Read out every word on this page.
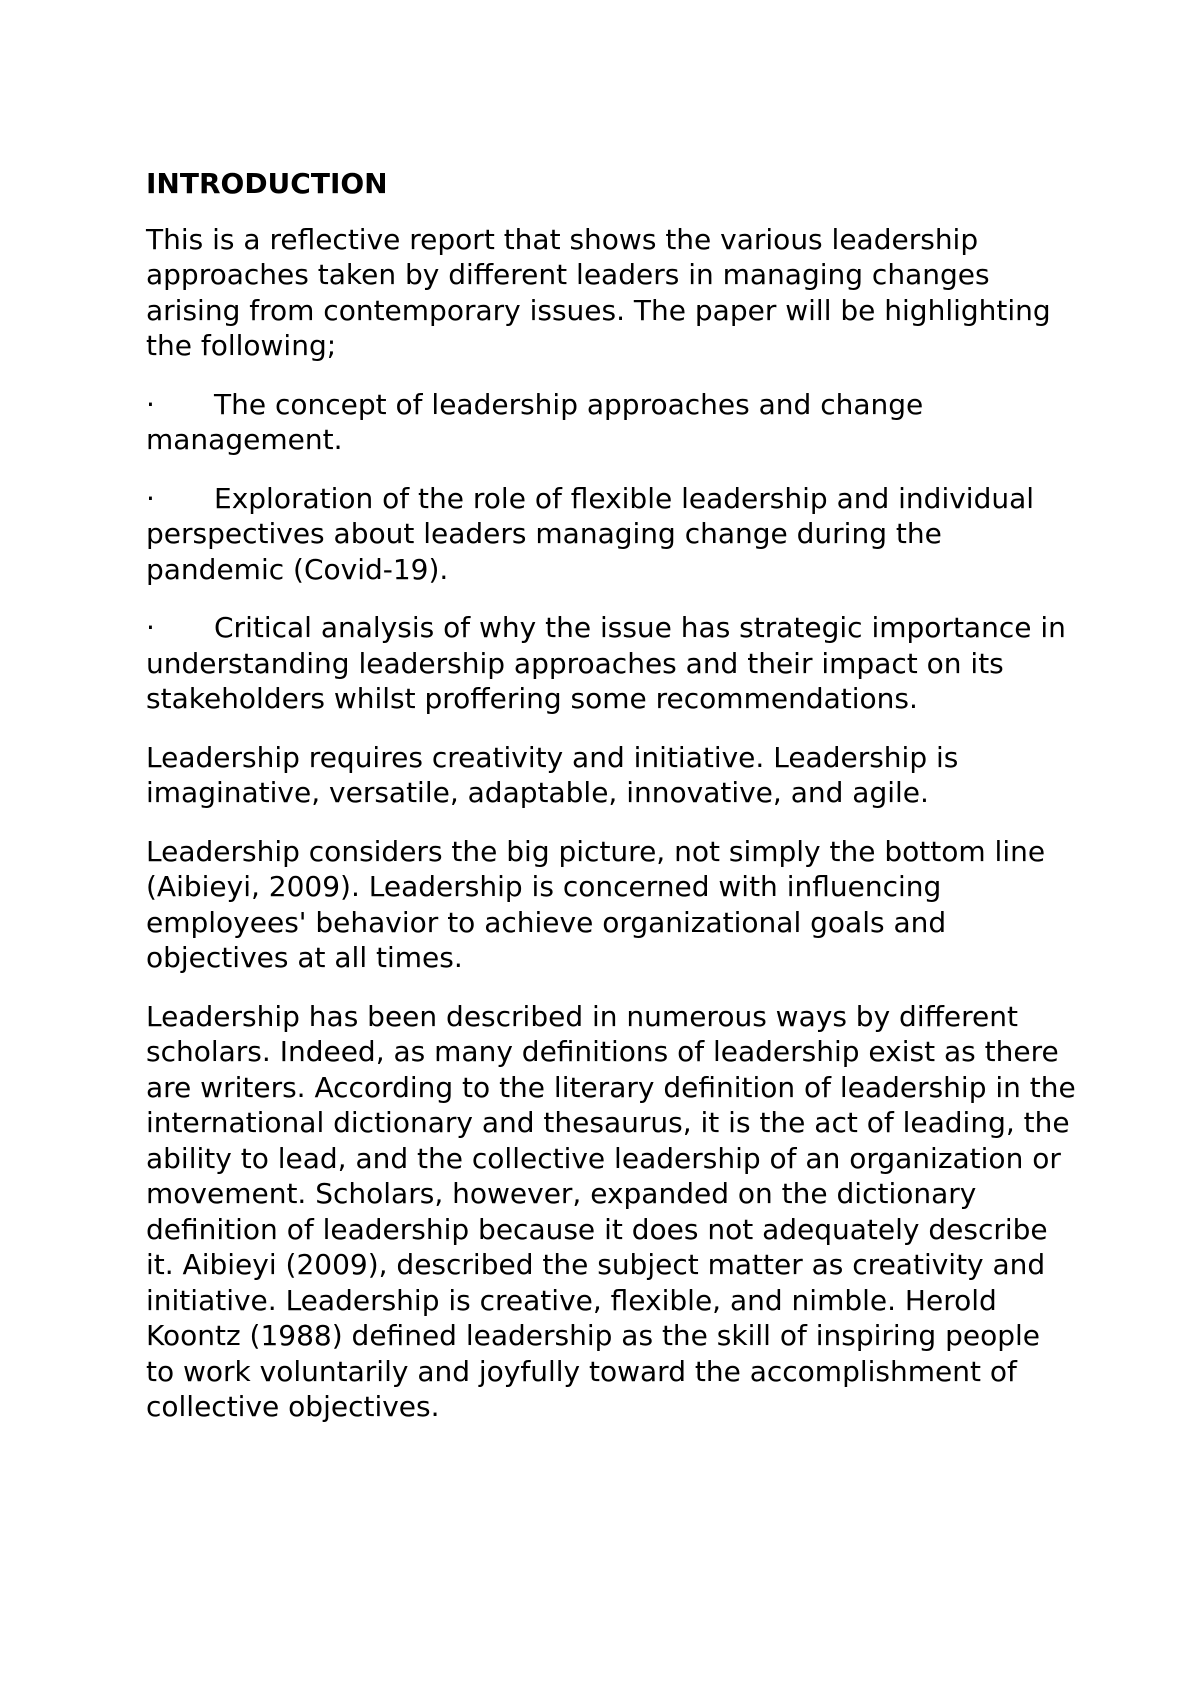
INTRODUCTION
This is a reflective report that shows the various leadership approaches taken by different leaders in managing changes arising from contemporary issues. The paper will be highlighting the following;
· The concept of leadership approaches and change management.
· Exploration of the role of flexible leadership and individual perspectives about leaders managing change during the pandemic (Covid-19).
· Critical analysis of why the issue has strategic importance in understanding leadership approaches and their impact on its stakeholders whilst proffering some recommendations.
Leadership requires creativity and initiative. Leadership is imaginative, versatile, adaptable, innovative, and agile.
Leadership considers the big picture, not simply the bottom line (Aibieyi, 2009). Leadership is concerned with influencing employees' behavior to achieve organizational goals and objectives at all times.
Leadership has been described in numerous ways by different scholars. Indeed, as many definitions of leadership exist as there are writers. According to the literary definition of leadership in the international dictionary and thesaurus, it is the act of leading, the ability to lead, and the collective leadership of an organization or movement. Scholars, however, expanded on the dictionary definition of leadership because it does not adequately describe it. Aibieyi (2009), described the subject matter as creativity and initiative. Leadership is creative, flexible, and nimble. Herold Koontz (1988) defined leadership as the skill of inspiring people to work voluntarily and joyfully toward the accomplishment of collective objectives.
